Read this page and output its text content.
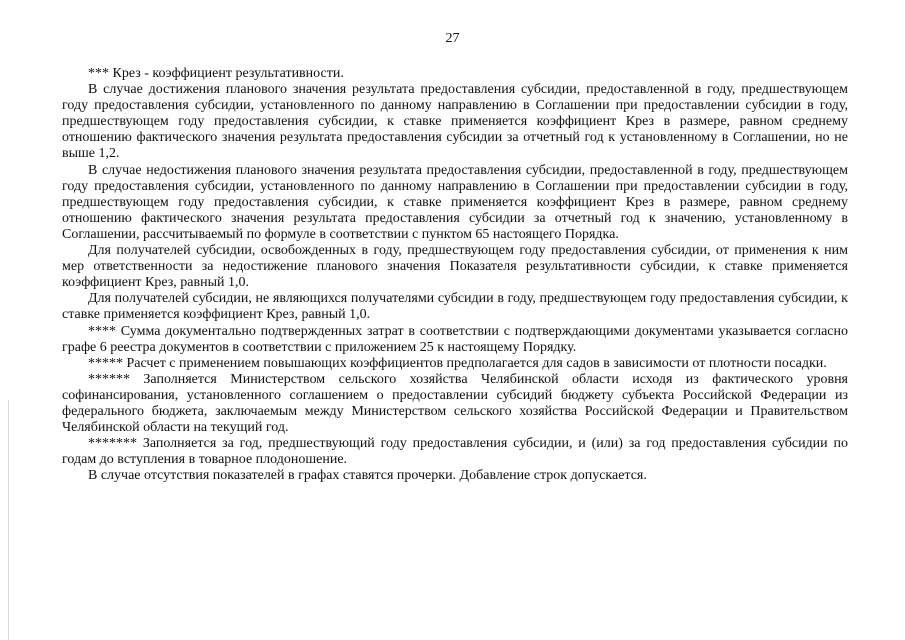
27

*** Крез - коэффициент результативности.

В случае достижения планового значения результата предоставления субсидии, предоставленной в году, предшествующем году предоставления субсидии, установленного по данному направлению в Соглашении при предоставлении субсидии в году, предшествующем году предоставления субсидии, к ставке применяется коэффициент Крез в размере, равном среднему отношению фактического значения результата предоставления субсидии за отчетный год к установленному в Соглашении, но не выше 1,2.

В случае недостижения планового значения результата предоставления субсидии, предоставленной в году, предшествующем году предоставления субсидии, установленного по данному направлению в Соглашении при предоставлении субсидии в году, предшествующем году предоставления субсидии, к ставке применяется коэффициент Крез в размере, равном среднему отношению фактического значения результата предоставления субсидии за отчетный год к значению, установленному в Соглашении, рассчитываемый по формуле в соответствии с пунктом 65 настоящего Порядка.

Для получателей субсидии, освобожденных в году, предшествующем году предоставления субсидии, от применения к ним мер ответственности за недостижение планового значения Показателя результативности субсидии, к ставке применяется коэффициент Крез, равный 1,0.

Для получателей субсидии, не являющихся получателями субсидии в году, предшествующем году предоставления субсидии, к ставке применяется коэффициент Крез, равный 1,0.

**** Сумма документально подтвержденных затрат в соответствии с подтверждающими документами указывается согласно графе 6 реестра документов в соответствии с приложением 25 к настоящему Порядку.

***** Расчет с применением повышающих коэффициентов предполагается для садов в зависимости от плотности посадки.

****** Заполняется Министерством сельского хозяйства Челябинской области исходя из фактического уровня софинансирования, установленного соглашением о предоставлении субсидий бюджету субъекта Российской Федерации из федерального бюджета, заключаемым между Министерством сельского хозяйства Российской Федерации и Правительством Челябинской области на текущий год.

******* Заполняется за год, предшествующий году предоставления субсидии, и (или) за год предоставления субсидии по годам до вступления в товарное плодоношение.

В случае отсутствия показателей в графах ставятся прочерки. Добавление строк допускается.
